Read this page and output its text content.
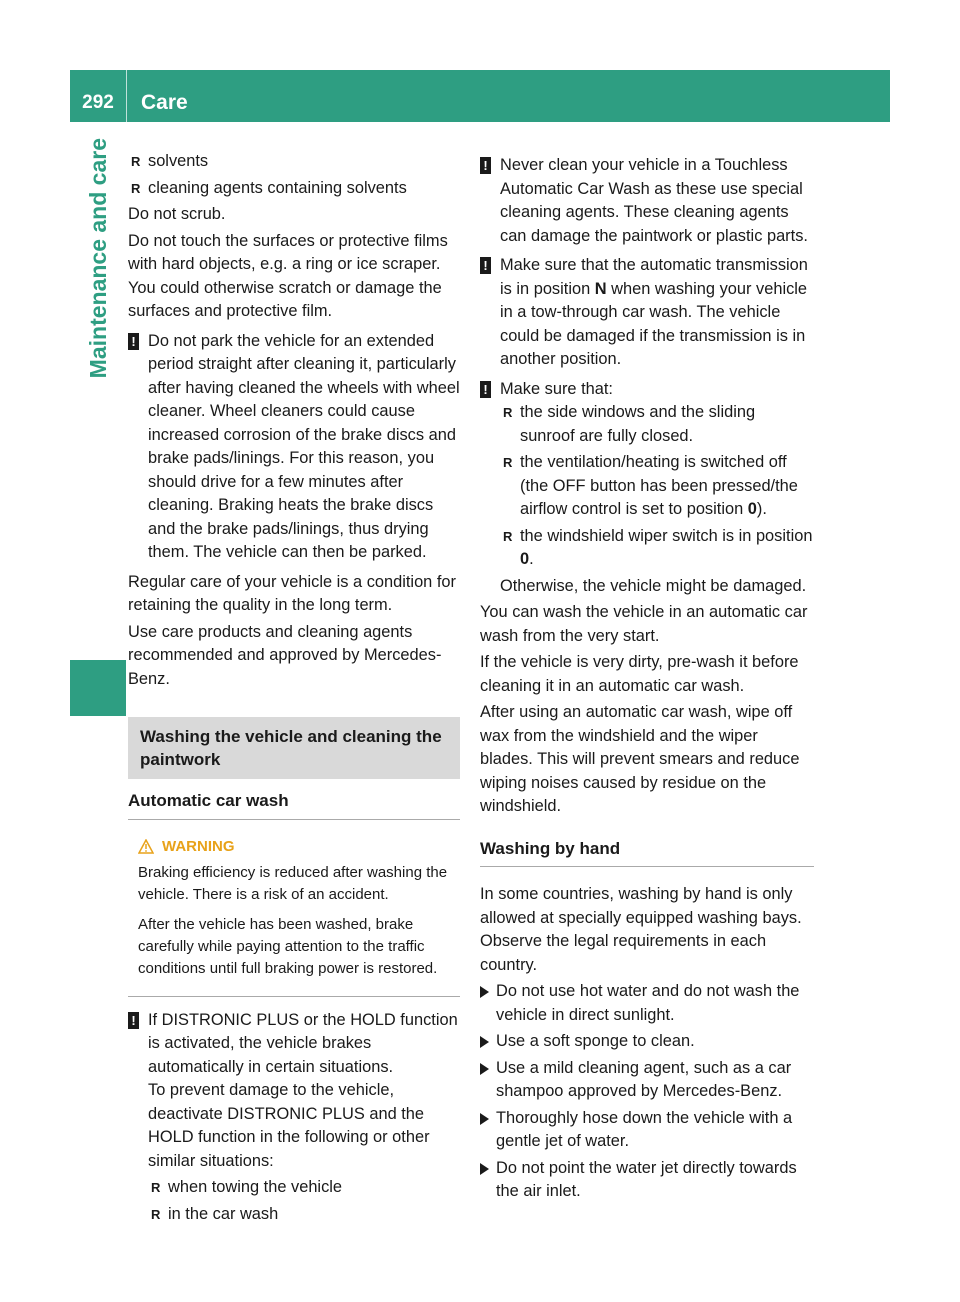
292	Care
Maintenance and care

R	solvents

R cleaning agents containing solvents

Do not scrub.

Do not touch the surfaces or protective films with hard objects, e.g. a ring or ice scraper. You could otherwise scratch or damage the surfaces and protective film.

! Do not park the vehicle for an extended period straight after cleaning it, particularly after having cleaned the wheels with wheel cleaner. Wheel cleaners could cause increased corrosion of the brake discs and brake pads/linings. For this reason, you should drive for a few minutes after cleaning. Braking heats the brake discs and the brake pads/linings, thus drying them. The vehicle can then be parked.

Regular care of your vehicle is a condition for retaining the quality in the long term.

Use care products and cleaning agents recommended and approved by Mercedes-Benz.

Washing the vehicle and cleaning the paintwork
Automatic car wash
WARNING

Braking efficiency is reduced after washing the vehicle. There is a risk of an accident.

After the vehicle has been washed, brake carefully while paying attention to the traffic conditions until full braking power is restored.

! If DISTRONIC PLUS or the HOLD function is activated, the vehicle brakes automatically in certain situations.

To prevent damage to the vehicle, deactivate DISTRONIC PLUS and the HOLD function in the following or other similar situations:

R when towing the vehicle

R in the car wash

! Never clean your vehicle in a Touchless Automatic Car Wash as these use special cleaning agents. These cleaning agents can damage the paintwork or plastic parts.
! Make sure that the automatic transmission is in position N when washing your vehicle in a tow-through car wash. The vehicle could be damaged if the transmission is in another position.
! Make sure that:

R the side windows and the sliding sunroof are fully closed.

R the ventilation/heating is switched off (the OFF button has been pressed/the airflow control is set to position 0).

R the windshield wiper switch is in position 0.

Otherwise, the vehicle might be damaged.

You can wash the vehicle in an automatic car wash from the very start.

If the vehicle is very dirty, pre-wash it before cleaning it in an automatic car wash.

After using an automatic car wash, wipe off wax from the windshield and the wiper blades. This will prevent smears and reduce wiping noises caused by residue on the windshield.

Washing by hand

In some countries, washing by hand is only allowed at specially equipped washing bays. Observe the legal requirements in each country.

Do not use hot water and do not wash the vehicle in direct sunlight.

Use a soft sponge to clean.

Use a mild cleaning agent, such as a car shampoo approved by Mercedes-Benz.

Thoroughly hose down the vehicle with a gentle jet of water.

Do not point the water jet directly towards the air inlet.
